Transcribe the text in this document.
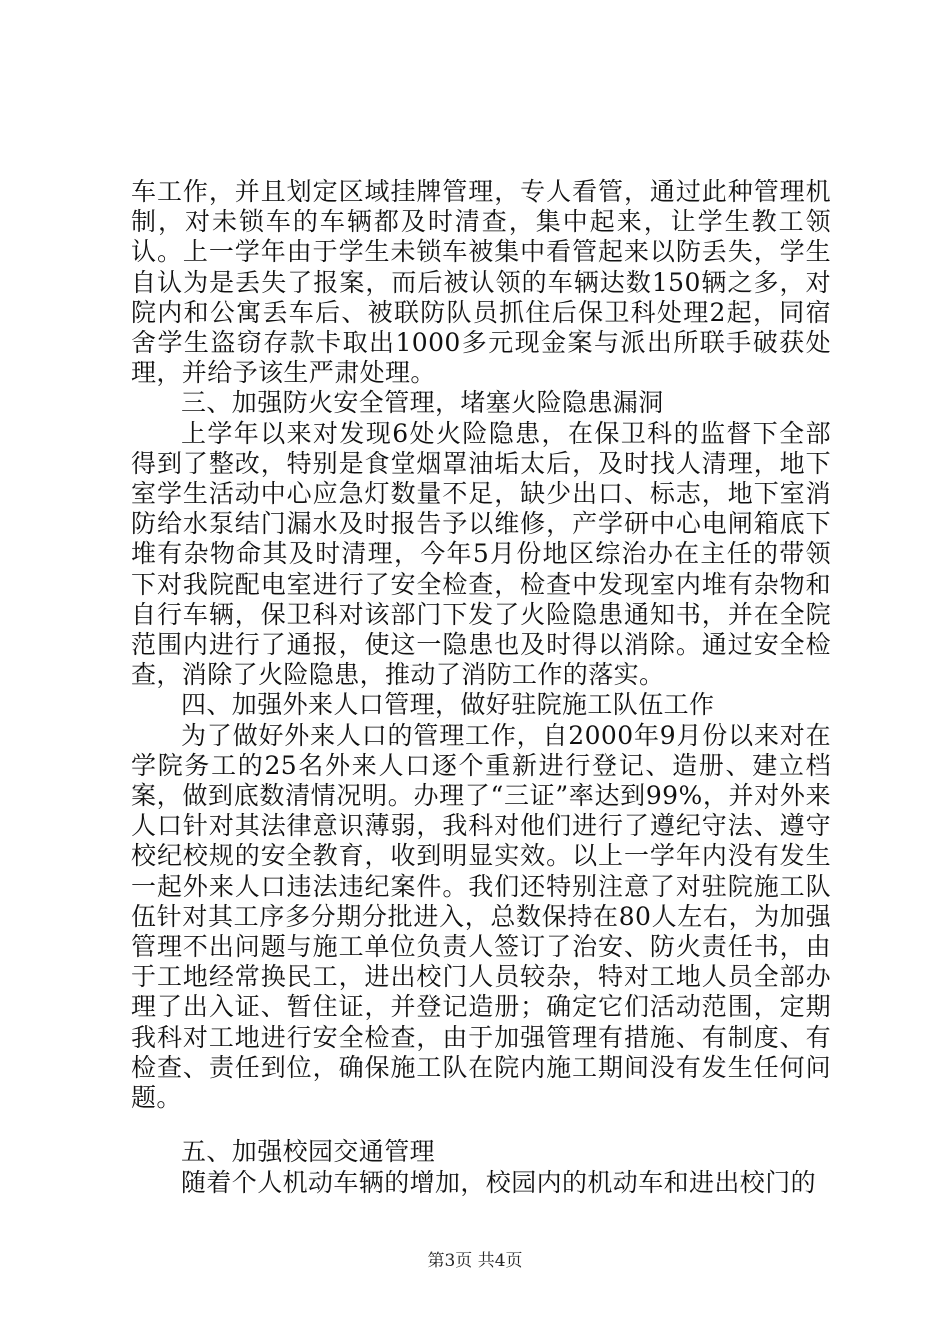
车工作，并且划定区域挂牌管理，专人看管，通过此种管理机制，对未锁车的车辆都及时清查，集中起来，让学生教工领认。上一学年由于学生未锁车被集中看管起来以防丢失，学生自认为是丢失了报案，而后被认领的车辆达数150辆之多，对院内和公寓丢车后、被联防队员抓住后保卫科处理2起，同宿舍学生盗窃存款卡取出1000多元现金案与派出所联手破获处理，并给予该生严肃处理。

三、加强防火安全管理，堵塞火险隐患漏洞

上学年以来对发现6处火险隐患，在保卫科的监督下全部得到了整改，特别是食堂烟罩油垢太后，及时找人清理，地下室学生活动中心应急灯数量不足，缺少出口、标志，地下室消防给水泵结门漏水及时报告予以维修，产学研中心电闸箱底下堆有杂物命其及时清理，今年5月份地区综治办在主任的带领下对我院配电室进行了安全检查，检查中发现室内堆有杂物和自行车辆，保卫科对该部门下发了火险隐患通知书，并在全院范围内进行了通报，使这一隐患也及时得以消除。通过安全检查，消除了火险隐患，推动了消防工作的落实。

四、加强外来人口管理，做好驻院施工队伍工作

为了做好外来人口的管理工作，自2000年9月份以来对在学院务工的25名外来人口逐个重新进行登记、造册、建立档案，做到底数清情况明。办理了“三证”率达到99%，并对外来人口针对其法律意识薄弱，我科对他们进行了遵纪守法、遵守校纪校规的安全教育，收到明显实效。以上一学年内没有发生一起外来人口违法违纪案件。我们还特别注意了对驻院施工队伍针对其工序多分期分批进入，总数保持在80人左右，为加强管理不出问题与施工单位负责人签订了治安、防火责任书，由于工地经常换民工，进出校门人员较杂，特对工地人员全部办理了出入证、暂住证，并登记造册；确定它们活动范围，定期我科对工地进行安全检查，由于加强管理有措施、有制度、有检查、责任到位，确保施工队在院内施工期间没有发生任何问题。

五、加强校园交通管理

随着个人机动车辆的增加，校园内的机动车和进出校门的

第3页 共4页
